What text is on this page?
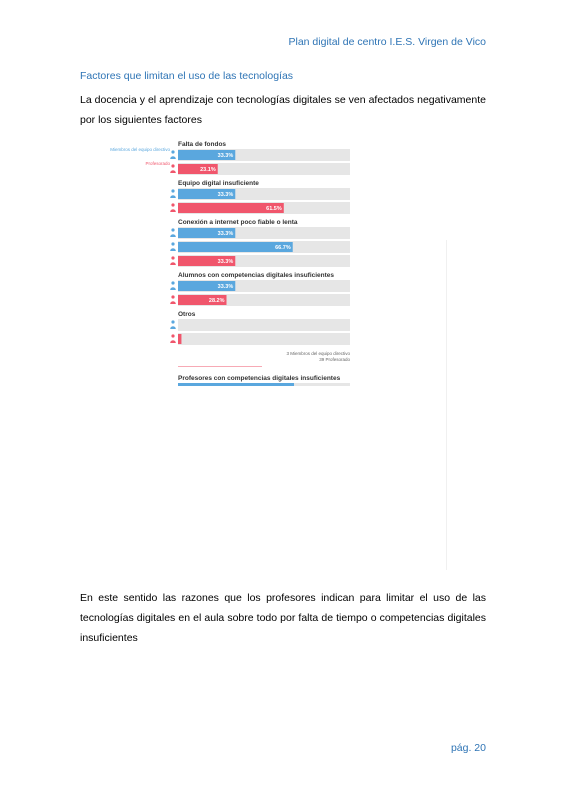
Plan digital de centro I.E.S. Virgen de Vico
Factores que limitan el uso de las tecnologías
La docencia y el aprendizaje con tecnologías digitales se ven afectados negativamente por los siguientes factores
Miembros del equipo directivo
Profesorado
Falta de fondos
33.3%
23.1%
Equipo digital insuficiente
33.3%
61.5%
Conexión a internet poco fiable o lenta
33.3%
66.7%
33.3%
Alumnos con competencias digitales insuficientes
33.3%
28.2%
Otros
3 Miembros del equipo directivo
39 Profesorado
Profesores con competencias digitales insuficientes
En este sentido las razones que los profesores indican para limitar el uso de las tecnologías digitales en el aula sobre todo por falta de tiempo o competencias digitales insuficientes
pág. 20
